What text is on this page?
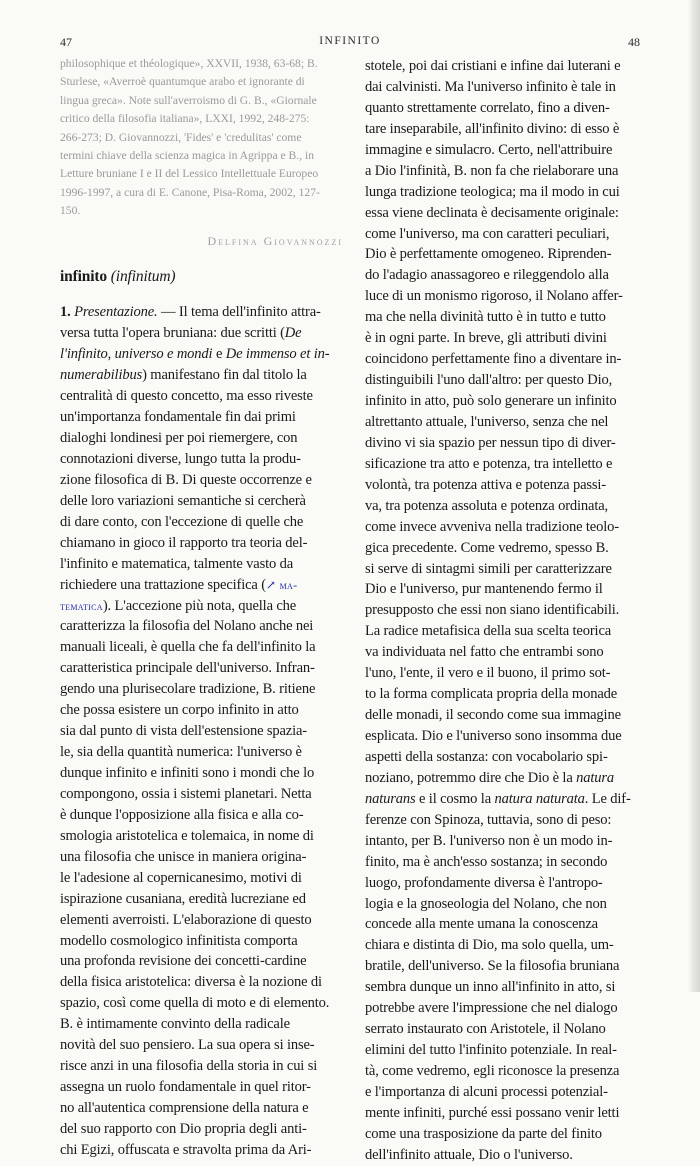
47	INFINITO	48
philosophique et théologique», XXVII, 1938, 63-68; B.
Sturlese, «Averroè quantumque arabo et ignorante di
lingua greca». Note sull'averroismo di G. B., «Giornale
critico della filosofia italiana», LXXI, 1992, 248-275:
266-273; D. Giovannozzi, 'Fides' e 'credulitas' come
termini chiave della scienza magica in Agrippa e B., in
Letture bruniane I e II del Lessico Intellettuale Europeo
1996-1997, a cura di E. Canone, Pisa-Roma, 2002, 127-
150.
Delfina Giovannozzi
infinito (infinitum)
1. Presentazione. — Il tema dell'infinito attra-
versa tutta l'opera bruniana: due scritti (De
l'infinito, universo e mondi e De immenso et in-
numerabilibus) manifestano fin dal titolo la
centralità di questo concetto, ma esso riveste
un'importanza fondamentale fin dai primi
dialoghi londinesi per poi riemergere, con
connotazioni diverse, lungo tutta la produ-
zione filosofica di B. Di queste occorrenze e
delle loro variazioni semantiche si cercherà
di dare conto, con l'eccezione di quelle che
chiamano in gioco il rapporto tra teoria del-
l'infinito e matematica, talmente vasto da
richiedere una trattazione specifica (↗ ma-
tematica). L'accezione più nota, quella che
caratterizza la filosofia del Nolano anche nei
manuali liceali, è quella che fa dell'infinito la
caratteristica principale dell'universo. Infran-
gendo una plurisecolare tradizione, B. ritiene
che possa esistere un corpo infinito in atto
sia dal punto di vista dell'estensione spazia-
le, sia della quantità numerica: l'universo è
dunque infinito e infiniti sono i mondi che lo
compongono, ossia i sistemi planetari. Netta
è dunque l'opposizione alla fisica e alla co-
smologia aristotelica e tolemaica, in nome di
una filosofia che unisce in maniera origina-
le l'adesione al copernicanesimo, motivi di
ispirazione cusaniana, eredità lucreziane ed
elementi averroisti. L'elaborazione di questo
modello cosmologico infinitista comporta
una profonda revisione dei concetti-cardine
della fisica aristotelica: diversa è la nozione di
spazio, così come quella di moto e di elemento.
B. è intimamente convinto della radicale
novità del suo pensiero. La sua opera si inse-
risce anzi in una filosofia della storia in cui si
assegna un ruolo fondamentale in quel ritor-
no all'autentica comprensione della natura e
del suo rapporto con Dio propria degli anti-
chi Egizi, offuscata e stravolta prima da Ari-
stotele, poi dai cristiani e infine dai luterani e
dai calvinisti. Ma l'universo infinito è tale in
quanto strettamente correlato, fino a diven-
tare inseparabile, all'infinito divino: di esso è
immagine e simulacro. Certo, nell'attribuire
a Dio l'infinità, B. non fa che rielaborare una
lunga tradizione teologica; ma il modo in cui
essa viene declinata è decisamente originale:
come l'universo, ma con caratteri peculiari,
Dio è perfettamente omogeneo. Riprenden-
do l'adagio anassagoreo e rileggendolo alla
luce di un monismo rigoroso, il Nolano affer-
ma che nella divinità tutto è in tutto e tutto
è in ogni parte. In breve, gli attributi divini
coincidono perfettamente fino a diventare in-
distinguibili l'uno dall'altro: per questo Dio,
infinito in atto, può solo generare un infinito
altrettanto attuale, l'universo, senza che nel
divino vi sia spazio per nessun tipo di diver-
sificazione tra atto e potenza, tra intelletto e
volontà, tra potenza attiva e potenza passi-
va, tra potenza assoluta e potenza ordinata,
come invece avveniva nella tradizione teolo-
gica precedente. Come vedremo, spesso B.
si serve di sintagmi simili per caratterizzare
Dio e l'universo, pur mantenendo fermo il
presupposto che essi non siano identificabili.
La radice metafisica della sua scelta teorica
va individuata nel fatto che entrambi sono
l'uno, l'ente, il vero e il buono, il primo sot-
to la forma complicata propria della monade
delle monadi, il secondo come sua immagine
esplicata. Dio e l'universo sono insomma due
aspetti della sostanza: con vocabolario spi-
noziano, potremmo dire che Dio è la natura
naturans e il cosmo la natura naturata. Le dif-
ferenze con Spinoza, tuttavia, sono di peso:
intanto, per B. l'universo non è un modo in-
finito, ma è anch'esso sostanza; in secondo
luogo, profondamente diversa è l'antropo-
logia e la gnoseologia del Nolano, che non
concede alla mente umana la conoscenza
chiara e distinta di Dio, ma solo quella, um-
bratile, dell'universo. Se la filosofia bruniana
sembra dunque un inno all'infinito in atto, si
potrebbe avere l'impressione che nel dialogo
serrato instaurato con Aristotele, il Nolano
elimini del tutto l'infinito potenziale. In real-
tà, come vedremo, egli riconosce la presenza
e l'importanza di alcuni processi potenzial-
mente infiniti, purché essi possano venir letti
come una trasposizione da parte del finito
dell'infinito attuale, Dio o l'universo.
